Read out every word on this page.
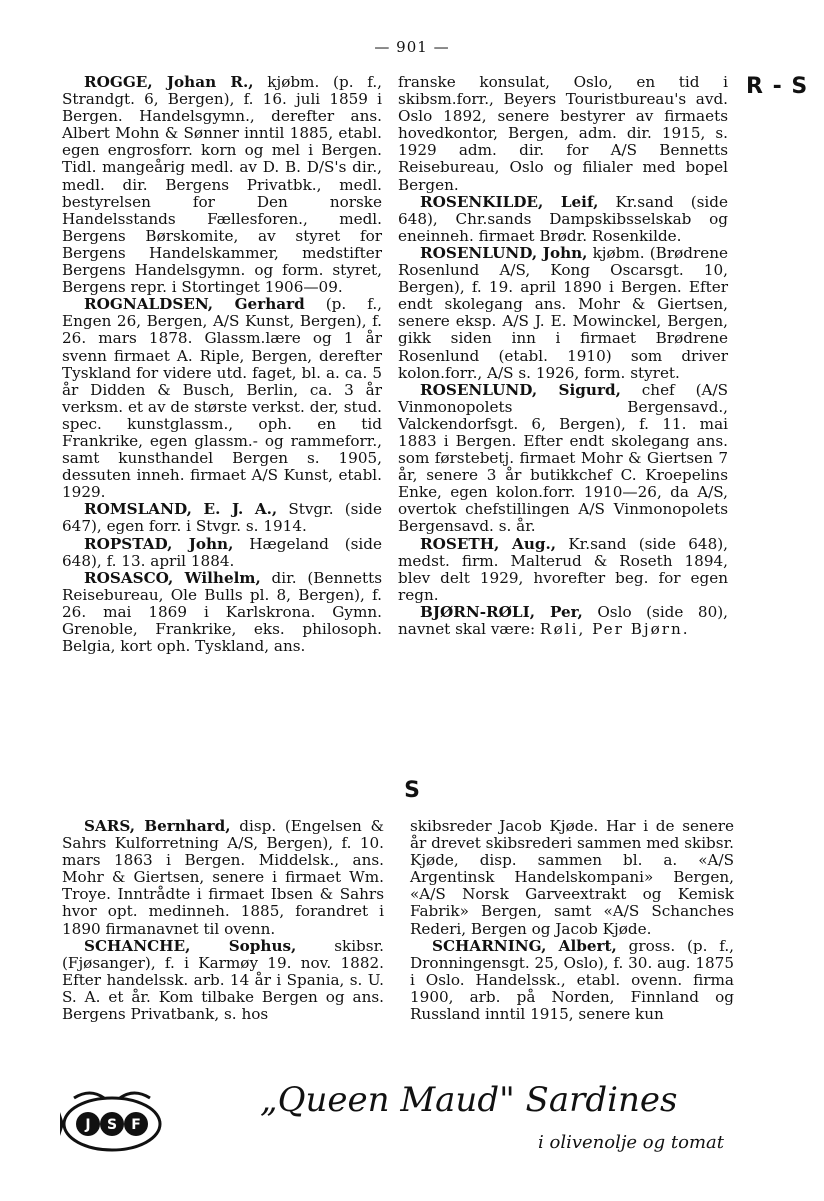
— 901 —
R - S

ROGGE, Johan R., kjøbm. (p. f., Strandgt. 6, Bergen), f. 16. juli 1859 i Bergen. Handelsgymn., derefter ans. Albert Mohn & Sønner inntil 1885, etabl. egen engrosforr. korn og mel i Bergen. Tidl. mangeårig medl. av D. B. D/S's dir., medl. dir. Bergens Privatbk., medl. bestyrelsen for Den norske Handelsstands Fællesforen., medl. Bergens Børskomite, av styret for Bergens Handelskammer, medstifter Bergens Handelsgymn. og form. styret, Bergens repr. i Stortinget 1906—09.

ROGNALDSEN, Gerhard (p. f., Engen 26, Bergen, A/S Kunst, Bergen), f. 26. mars 1878. Glassm.lære og 1 år svenn firmaet A. Riple, Bergen, derefter Tyskland for videre utd. faget, bl. a. ca. 5 år Didden & Busch, Berlin, ca. 3 år verksm. et av de største verkst. der, stud. spec. kunstglassm., oph. en tid Frankrike, egen glassm.- og rammeforr., samt kunsthandel Bergen s. 1905, dessuten inneh. firmaet A/S Kunst, etabl. 1929.

ROMSLAND, E. J. A., Stvgr. (side 647), egen forr. i Stvgr. s. 1914.

ROPSTAD, John, Hægeland (side 648), f. 13. april 1884.

ROSASCO, Wilhelm, dir. (Bennetts Reisebureau, Ole Bulls pl. 8, Bergen), f. 26. mai 1869 i Karlskrona. Gymn. Grenoble, Frankrike, eks. philosoph. Belgia, kort oph. Tyskland, ans.

franske konsulat, Oslo, en tid i skibsm.forr., Beyers Touristbureau's avd. Oslo 1892, senere bestyrer av firmaets hovedkontor, Bergen, adm. dir. 1915, s. 1929 adm. dir. for A/S Bennetts Reisebureau, Oslo og filialer med bopel Bergen.

ROSENKILDE, Leif, Kr.sand (side 648), Chr.sands Dampskibsselskab og eneinneh. firmaet Brødr. Rosenkilde.

ROSENLUND, John, kjøbm. (Brødrene Rosenlund A/S, Kong Oscarsgt. 10, Bergen), f. 19. april 1890 i Bergen. Efter endt skolegang ans. Mohr & Giertsen, senere eksp. A/S J. E. Mowinckel, Bergen, gikk siden inn i firmaet Brødrene Rosenlund (etabl. 1910) som driver kolon.forr., A/S s. 1926, form. styret.

ROSENLUND, Sigurd, chef (A/S Vinmonopolets Bergensavd., Valckendorfsgt. 6, Bergen), f. 11. mai 1883 i Bergen. Efter endt skolegang ans. som førstebetj. firmaet Mohr & Giertsen 7 år, senere 3 år butikkchef C. Kroepelins Enke, egen kolon.forr. 1910—26, da A/S, overtok chefstillingen A/S Vinmonopolets Bergensavd. s. år.

ROSETH, Aug., Kr.sand (side 648), medst. firm. Malterud & Roseth 1894, blev delt 1929, hvorefter beg. for egen regn.

BJØRN-RØLI, Per, Oslo (side 80), navnet skal være: Røli, Per Bjørn.

S

SARS, Bernhard, disp. (Engelsen & Sahrs Kulforretning A/S, Bergen), f. 10. mars 1863 i Bergen. Middelsk., ans. Mohr & Giertsen, senere i firmaet Wm. Troye. Inntrådte i firmaet Ibsen & Sahrs hvor opt. medinneh. 1885, forandret i 1890 firmanavnet til ovenn.

SCHANCHE, Sophus, skibsr. (Fjøsanger), f. i Karmøy 19. nov. 1882. Efter handelssk. arb. 14 år i Spania, s. U. S. A. et år. Kom tilbake Bergen og ans. Bergens Privatbank, s. hos

skibsreder Jacob Kjøde. Har i de senere år drevet skibsrederi sammen med skibsr. Kjøde, disp. sammen bl. a. «A/S Argentinsk Handelskompani» Bergen, «A/S Norsk Garveextrakt og Kemisk Fabrik» Bergen, samt «A/S Schanches Rederi, Bergen og Jacob Kjøde.

SCHARNING, Albert, gross. (p. f., Dronningensgt. 25, Oslo), f. 30. aug. 1875 i Oslo. Handelssk., etabl. ovenn. firma 1900, arb. på Norden, Finnland og Russland inntil 1915, senere kun

J S F
„Queen Maud" Sardines
i olivenolje og tomat
